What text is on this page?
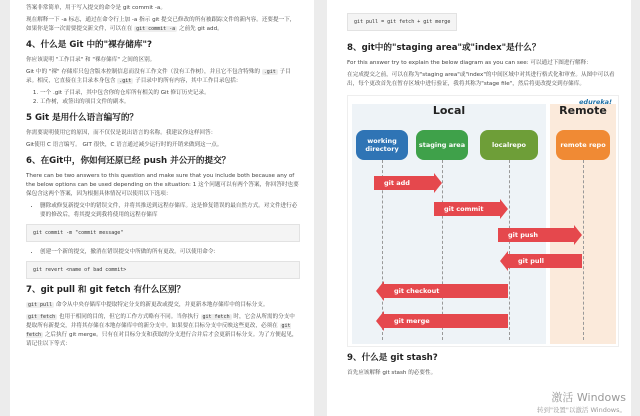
答案非常简单，用于写入提交的命令是 git commit -a。

现在解释一下 -a 标志，通过在命令行上加 -a 指示 git 提交已修改的所有被跟踪文件的新内容。还要提一下，如果你是第一次需要提交新文件，可以在在 git commit -a 之前先 git add。

4、什么是 Git 中的"裸存储库"?

你应该说明 "工作目录" 和 "裸存储库" 之间的区别。

Git 中的 "裸" 存储库只包含版本控制信息而没有工作文件（没有工作树），并且它不包含特殊的 .git 子目录。相反，它直接在主目录本身包含 .git 子目录中的所有内容，其中工作目录包括：

1. 一个 .git 子目录，其中包含你的仓库所有相关的 Git 修订历史记录。
2. 工作树，或签出的项目文件的副本。
5 Git 是用什么语言编写的？

你需要说明使用它的原因，而不仅仅是说出语言的名称。我建议你这样回答：

Git使用 C 语言编写。 GIT 很快，C 语言通过减少运行时的开销来做到这一点。

6、在Git中，你如何还原已经 push 并公开的提交？

There can be two answers to this question and make sure that you include both because any of the below options can be used depending on the situation: 1 这个问题可以有两个答案，你回答时也要保包含这两个答案，因为根据具体情况可以使用以下选项：

• 删除或修复新提交中的错误文件，并将其推送到远程存储库。这是修复错误的最自然方式。对文件进行必要的修改后，将其提交到我将使用的远程存储库
git commit -m "commit message"
• 创建一个新的提交，撤消在错误提交中所做的所有更改。可以使用命令：
git revert <name of bad commit>
7、git pull 和 git fetch 有什么区别？

git pull 命令从中央存储库中提取特定分支的新更改或提交，并更新本地存储库中的目标分支。

git fetch 也用于相同的目的，但它的工作方式略有不同。当你执行 git fetch 时，它会从所需的分支中提取所有新提交，并将其存储在本地存储库中的新分支中。如果要在目标分支中反映这些更改，必须在 git fetch 之后执行 git merge。只有在对目标分支和获取的分支进行合并后才会更新目标分支。为了方便起见，请记住以下等式：

git pull = git fetch + git merge
8、git中的"staging area"或"index"是什么？

For this answer try to explain the below diagram as you can see: 可以通过下图进行解释：

在完成提交之前，可以在称为"staging area"或"index"的中间区域中对其进行格式化和审查。从图中可以看出，每个更改首先在暂存区域中进行验证，我将其称为"stage file"，然后将更改提交到存储库。

edureka!
Local	Remote
working directory	staging area	localrepo	remote repo
git add
git commit
git push
git pull
git checkout
git merge
9、什么是 git stash?

首先应该解释 git stash 的必要性。

激活 Windows
转到"设置"以激活 Windows。
